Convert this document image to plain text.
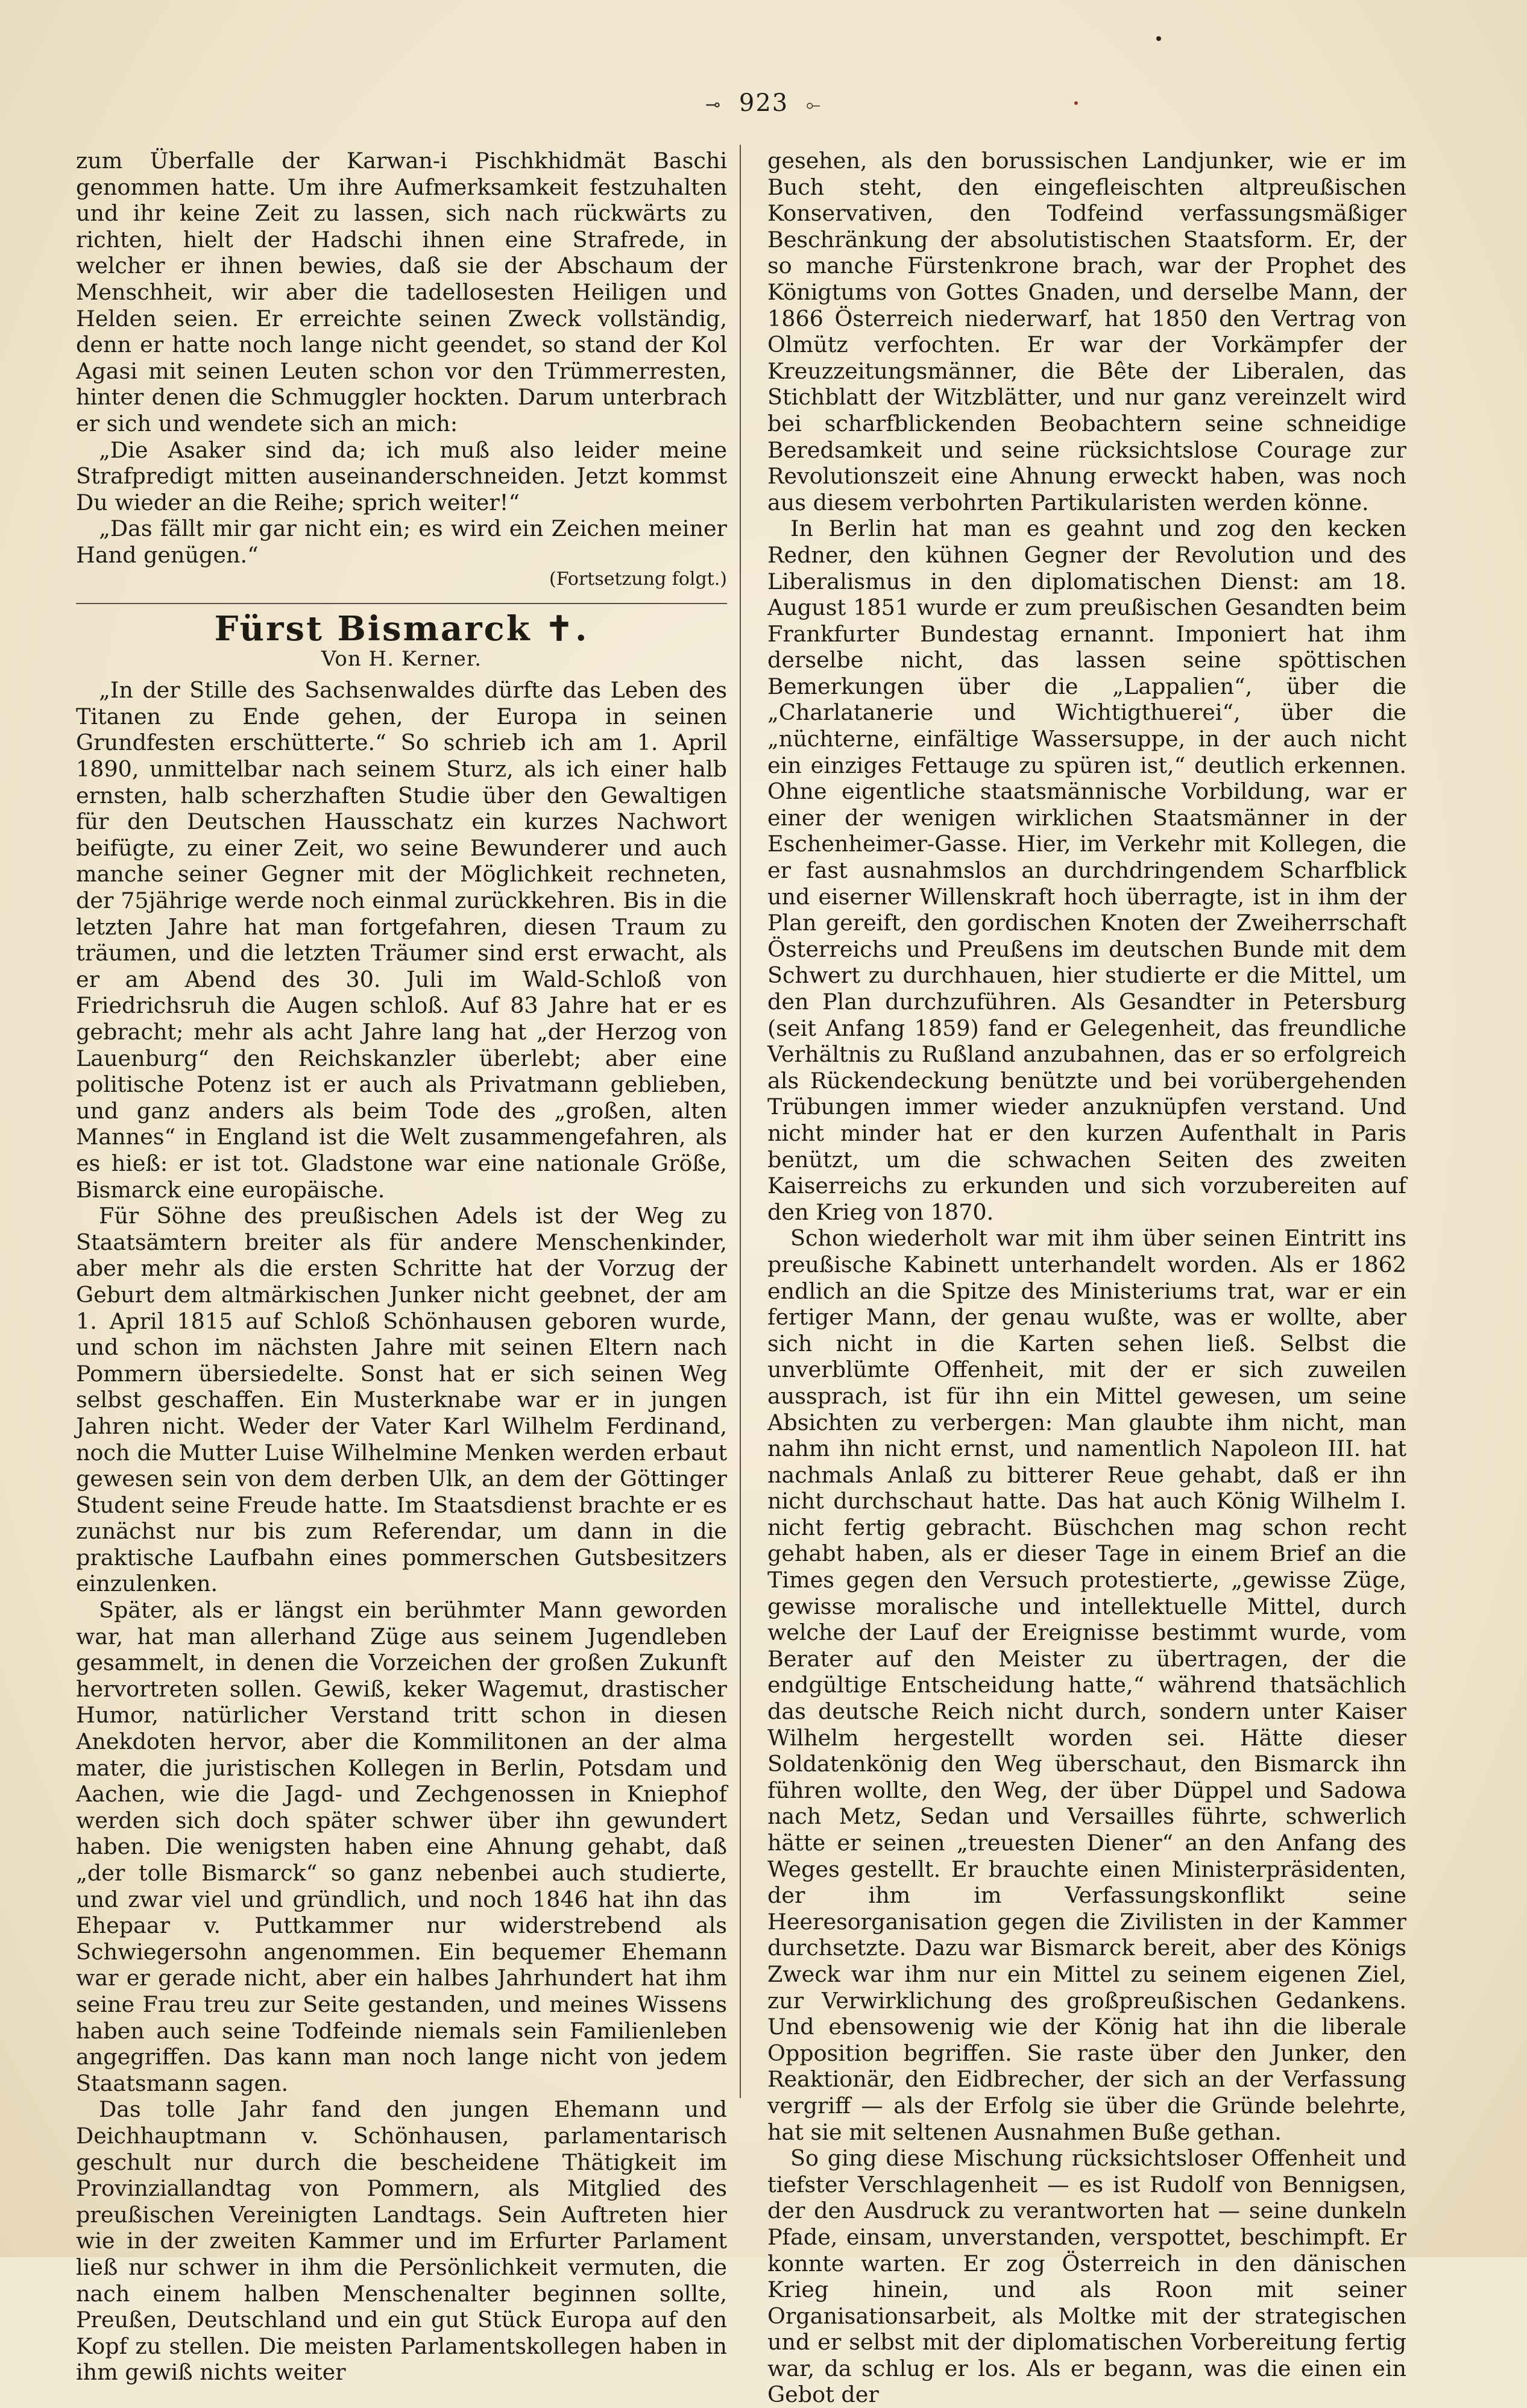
⊸ 923 ⟜

zum Überfalle der Karwan-i Pischkhidmät Baschi genommen hatte. Um ihre Aufmerksamkeit festzuhalten und ihr keine Zeit zu lassen, sich nach rückwärts zu richten, hielt der Hadschi ihnen eine Strafrede, in welcher er ihnen bewies, daß sie der Abschaum der Menschheit, wir aber die tadellosesten Heiligen und Helden seien. Er erreichte seinen Zweck vollständig, denn er hatte noch lange nicht geendet, so stand der Kol Agasi mit seinen Leuten schon vor den Trümmerresten, hinter denen die Schmuggler hockten. Darum unterbrach er sich und wendete sich an mich:

„Die Asaker sind da; ich muß also leider meine Strafpredigt mitten auseinanderschneiden. Jetzt kommst Du wieder an die Reihe; sprich weiter!“

„Das fällt mir gar nicht ein; es wird ein Zeichen meiner Hand genügen.“

(Fortsetzung folgt.)
Fürst Bismarck ✝.
Von H. Kerner.

„In der Stille des Sachsenwaldes dürfte das Leben des Titanen zu Ende gehen, der Europa in seinen Grundfesten erschütterte.“ So schrieb ich am 1. April 1890, unmittelbar nach seinem Sturz, als ich einer halb ernsten, halb scherzhaften Studie über den Gewaltigen für den Deutschen Hausschatz ein kurzes Nachwort beifügte, zu einer Zeit, wo seine Bewunderer und auch manche seiner Gegner mit der Möglichkeit rechneten, der 75jährige werde noch einmal zurückkehren. Bis in die letzten Jahre hat man fortgefahren, diesen Traum zu träumen, und die letzten Träumer sind erst erwacht, als er am Abend des 30. Juli im Wald-Schloß von Friedrichsruh die Augen schloß. Auf 83 Jahre hat er es gebracht; mehr als acht Jahre lang hat „der Herzog von Lauenburg“ den Reichskanzler überlebt; aber eine politische Potenz ist er auch als Privatmann geblieben, und ganz anders als beim Tode des „großen, alten Mannes“ in England ist die Welt zusammengefahren, als es hieß: er ist tot. Gladstone war eine nationale Größe, Bismarck eine europäische.

Für Söhne des preußischen Adels ist der Weg zu Staatsämtern breiter als für andere Menschenkinder, aber mehr als die ersten Schritte hat der Vorzug der Geburt dem altmärkischen Junker nicht geebnet, der am 1. April 1815 auf Schloß Schönhausen geboren wurde, und schon im nächsten Jahre mit seinen Eltern nach Pommern übersiedelte. Sonst hat er sich seinen Weg selbst geschaffen. Ein Musterknabe war er in jungen Jahren nicht. Weder der Vater Karl Wilhelm Ferdinand, noch die Mutter Luise Wilhelmine Menken werden erbaut gewesen sein von dem derben Ulk, an dem der Göttinger Student seine Freude hatte. Im Staatsdienst brachte er es zunächst nur bis zum Referendar, um dann in die praktische Laufbahn eines pommerschen Gutsbesitzers einzulenken.

Später, als er längst ein berühmter Mann geworden war, hat man allerhand Züge aus seinem Jugendleben gesammelt, in denen die Vorzeichen der großen Zukunft hervortreten sollen. Gewiß, keker Wagemut, drastischer Humor, natürlicher Verstand tritt schon in diesen Anekdoten hervor, aber die Kommilitonen an der alma mater, die juristischen Kollegen in Berlin, Potsdam und Aachen, wie die Jagd- und Zechgenossen in Kniephof werden sich doch später schwer über ihn gewundert haben. Die wenigsten haben eine Ahnung gehabt, daß „der tolle Bismarck“ so ganz nebenbei auch studierte, und zwar viel und gründlich, und noch 1846 hat ihn das Ehepaar v. Puttkammer nur widerstrebend als Schwiegersohn angenommen. Ein bequemer Ehemann war er gerade nicht, aber ein halbes Jahrhundert hat ihm seine Frau treu zur Seite gestanden, und meines Wissens haben auch seine Todfeinde niemals sein Familienleben angegriffen. Das kann man noch lange nicht von jedem Staatsmann sagen.

Das tolle Jahr fand den jungen Ehemann und Deichhauptmann v. Schönhausen, parlamentarisch geschult nur durch die bescheidene Thätigkeit im Provinziallandtag von Pommern, als Mitglied des preußischen Vereinigten Landtags. Sein Auftreten hier wie in der zweiten Kammer und im Erfurter Parlament ließ nur schwer in ihm die Persönlichkeit vermuten, die nach einem halben Menschenalter beginnen sollte, Preußen, Deutschland und ein gut Stück Europa auf den Kopf zu stellen. Die meisten Parlamentskollegen haben in ihm gewiß nichts weiter

gesehen, als den borussischen Landjunker, wie er im Buch steht, den eingefleischten altpreußischen Konservativen, den Todfeind verfassungsmäßiger Beschränkung der absolutistischen Staatsform. Er, der so manche Fürstenkrone brach, war der Prophet des Königtums von Gottes Gnaden, und derselbe Mann, der 1866 Österreich niederwarf, hat 1850 den Vertrag von Olmütz verfochten. Er war der Vorkämpfer der Kreuzzeitungsmänner, die Bête der Liberalen, das Stichblatt der Witzblätter, und nur ganz vereinzelt wird bei scharfblickenden Beobachtern seine schneidige Beredsamkeit und seine rücksichtslose Courage zur Revolutionszeit eine Ahnung erweckt haben, was noch aus diesem verbohrten Partikularisten werden könne.

In Berlin hat man es geahnt und zog den kecken Redner, den kühnen Gegner der Revolution und des Liberalismus in den diplomatischen Dienst: am 18. August 1851 wurde er zum preußischen Gesandten beim Frankfurter Bundestag ernannt. Imponiert hat ihm derselbe nicht, das lassen seine spöttischen Bemerkungen über die „Lappalien“, über die „Charlatanerie und Wichtigthuerei“, über die „nüchterne, einfältige Wassersuppe, in der auch nicht ein einziges Fettauge zu spüren ist,“ deutlich erkennen. Ohne eigentliche staatsmännische Vorbildung, war er einer der wenigen wirklichen Staatsmänner in der Eschenheimer-Gasse. Hier, im Verkehr mit Kollegen, die er fast ausnahmslos an durchdringendem Scharfblick und eiserner Willenskraft hoch überragte, ist in ihm der Plan gereift, den gordischen Knoten der Zweiherrschaft Österreichs und Preußens im deutschen Bunde mit dem Schwert zu durchhauen, hier studierte er die Mittel, um den Plan durchzuführen. Als Gesandter in Petersburg (seit Anfang 1859) fand er Gelegenheit, das freundliche Verhältnis zu Rußland anzubahnen, das er so erfolgreich als Rückendeckung benützte und bei vorübergehenden Trübungen immer wieder anzuknüpfen verstand. Und nicht minder hat er den kurzen Aufenthalt in Paris benützt, um die schwachen Seiten des zweiten Kaiserreichs zu erkunden und sich vorzubereiten auf den Krieg von 1870.

Schon wiederholt war mit ihm über seinen Eintritt ins preußische Kabinett unterhandelt worden. Als er 1862 endlich an die Spitze des Ministeriums trat, war er ein fertiger Mann, der genau wußte, was er wollte, aber sich nicht in die Karten sehen ließ. Selbst die unverblümte Offenheit, mit der er sich zuweilen aussprach, ist für ihn ein Mittel gewesen, um seine Absichten zu verbergen: Man glaubte ihm nicht, man nahm ihn nicht ernst, und namentlich Napoleon III. hat nachmals Anlaß zu bitterer Reue gehabt, daß er ihn nicht durchschaut hatte. Das hat auch König Wilhelm I. nicht fertig gebracht. Büschchen mag schon recht gehabt haben, als er dieser Tage in einem Brief an die Times gegen den Versuch protestierte, „gewisse Züge, gewisse moralische und intellektuelle Mittel, durch welche der Lauf der Ereignisse bestimmt wurde, vom Berater auf den Meister zu übertragen, der die endgültige Entscheidung hatte,“ während thatsächlich das deutsche Reich nicht durch, sondern unter Kaiser Wilhelm hergestellt worden sei. Hätte dieser Soldatenkönig den Weg überschaut, den Bismarck ihn führen wollte, den Weg, der über Düppel und Sadowa nach Metz, Sedan und Versailles führte, schwerlich hätte er seinen „treuesten Diener“ an den Anfang des Weges gestellt. Er brauchte einen Ministerpräsidenten, der ihm im Verfassungskonflikt seine Heeresorganisation gegen die Zivilisten in der Kammer durchsetzte. Dazu war Bismarck bereit, aber des Königs Zweck war ihm nur ein Mittel zu seinem eigenen Ziel, zur Verwirklichung des großpreußischen Gedankens. Und ebensowenig wie der König hat ihn die liberale Opposition begriffen. Sie raste über den Junker, den Reaktionär, den Eidbrecher, der sich an der Verfassung vergriff — als der Erfolg sie über die Gründe belehrte, hat sie mit seltenen Ausnahmen Buße gethan.

So ging diese Mischung rücksichtsloser Offenheit und tiefster Verschlagenheit — es ist Rudolf von Bennigsen, der den Ausdruck zu verantworten hat — seine dunkeln Pfade, einsam, unverstanden, verspottet, beschimpft. Er konnte warten. Er zog Österreich in den dänischen Krieg hinein, und als Roon mit seiner Organisationsarbeit, als Moltke mit der strategischen und er selbst mit der diplomatischen Vorbereitung fertig war, da schlug er los. Als er begann, was die einen ein Gebot der
